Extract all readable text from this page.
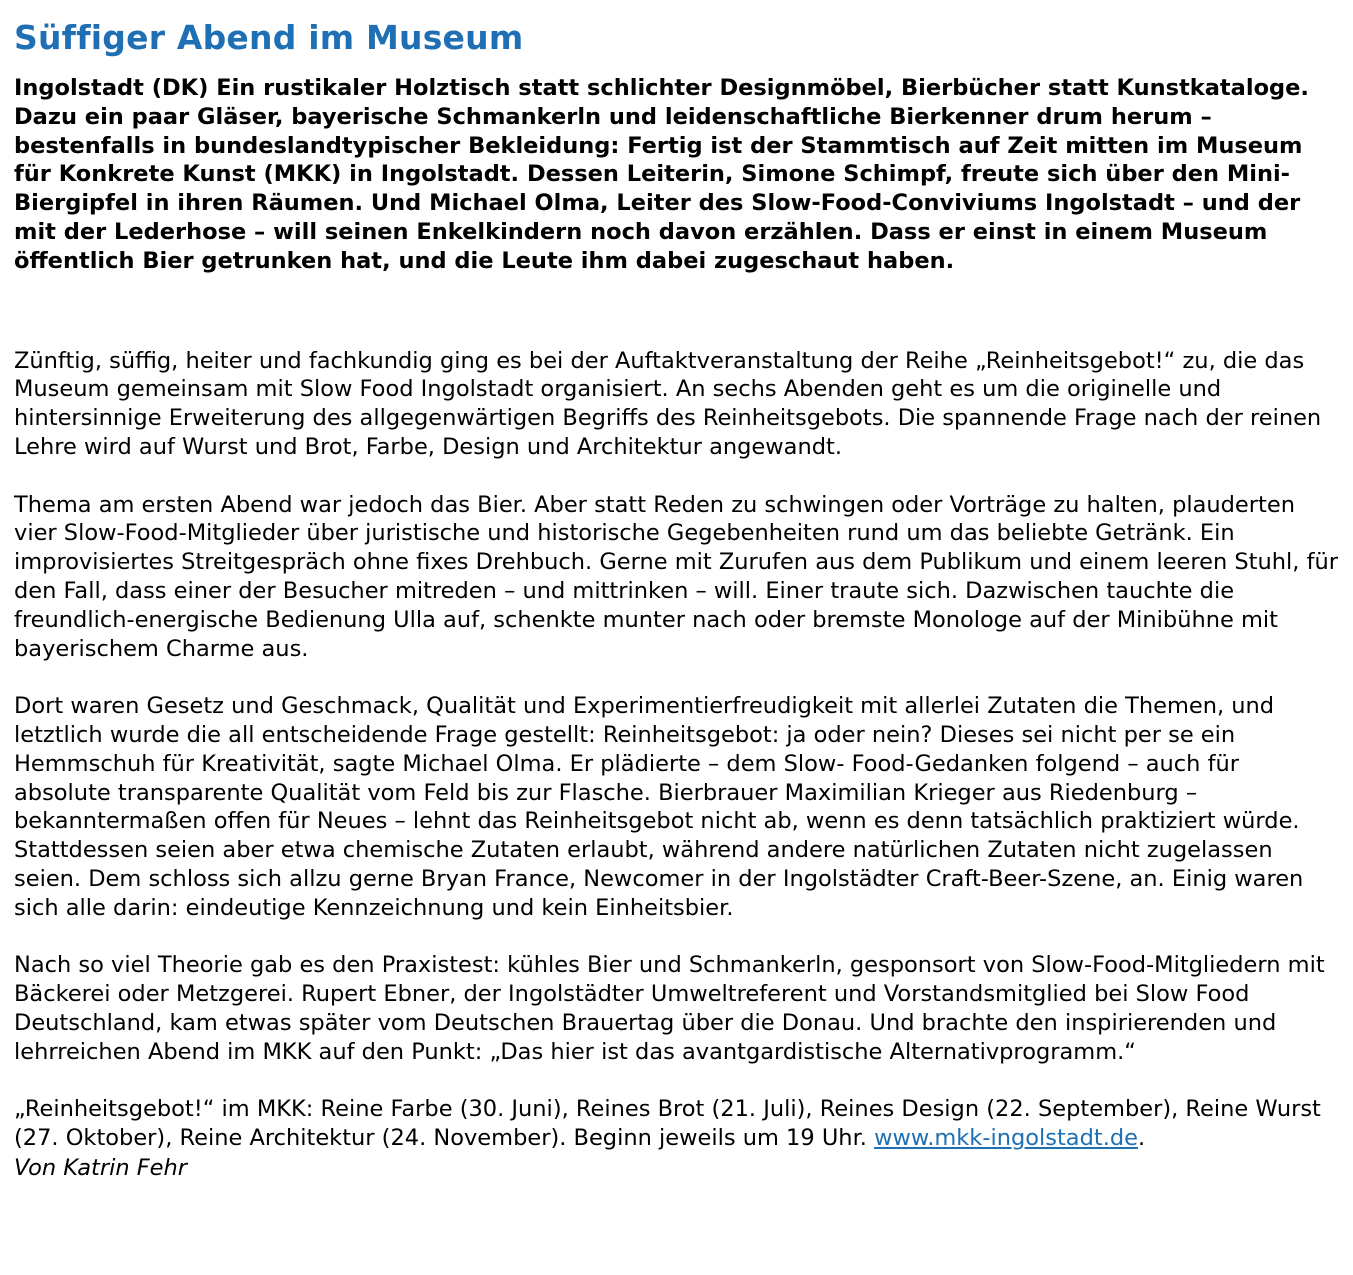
Süffiger Abend im Museum

Ingolstadt (DK) Ein rustikaler Holztisch statt schlichter Designmöbel, Bierbücher statt Kunstkataloge. Dazu ein paar Gläser, bayerische Schmankerln und leidenschaftliche Bierkenner drum herum – bestenfalls in bundeslandtypischer Bekleidung: Fertig ist der Stammtisch auf Zeit mitten im Museum für Konkrete Kunst (MKK) in Ingolstadt. Dessen Leiterin, Simone Schimpf, freute sich über den Mini-Biergipfel in ihren Räumen. Und Michael Olma, Leiter des Slow-Food-Conviviums Ingolstadt – und der mit der Lederhose – will seinen Enkelkindern noch davon erzählen. Dass er einst in einem Museum öffentlich Bier getrunken hat, und die Leute ihm dabei zugeschaut haben.

Zünftig, süffig, heiter und fachkundig ging es bei der Auftaktveranstaltung der Reihe „Reinheitsgebot!“ zu, die das Museum gemeinsam mit Slow Food Ingolstadt organisiert. An sechs Abenden geht es um die originelle und hintersinnige Erweiterung des allgegenwärtigen Begriffs des Reinheitsgebots. Die spannende Frage nach der reinen Lehre wird auf Wurst und Brot, Farbe, Design und Architektur angewandt.

Thema am ersten Abend war jedoch das Bier. Aber statt Reden zu schwingen oder Vorträge zu halten, plauderten vier Slow-Food-Mitglieder über juristische und historische Gegebenheiten rund um das beliebte Getränk. Ein improvisiertes Streitgespräch ohne fixes Drehbuch. Gerne mit Zurufen aus dem Publikum und einem leeren Stuhl, für den Fall, dass einer der Besucher mitreden – und mittrinken – will. Einer traute sich. Dazwischen tauchte die freundlich-energische Bedienung Ulla auf, schenkte munter nach oder bremste Monologe auf der Minibühne mit bayerischem Charme aus.

Dort waren Gesetz und Geschmack, Qualität und Experimentierfreudigkeit mit allerlei Zutaten die Themen, und letztlich wurde die all entscheidende Frage gestellt: Reinheitsgebot: ja oder nein? Dieses sei nicht per se ein Hemmschuh für Kreativität, sagte Michael Olma. Er plädierte – dem Slow- Food-Gedanken folgend – auch für absolute transparente Qualität vom Feld bis zur Flasche. Bierbrauer Maximilian Krieger aus Riedenburg – bekanntermaßen offen für Neues – lehnt das Reinheitsgebot nicht ab, wenn es denn tatsächlich praktiziert würde. Stattdessen seien aber etwa chemische Zutaten erlaubt, während andere natürlichen Zutaten nicht zugelassen seien. Dem schloss sich allzu gerne Bryan France, Newcomer in der Ingolstädter Craft-Beer-Szene, an. Einig waren sich alle darin: eindeutige Kennzeichnung und kein Einheitsbier.

Nach so viel Theorie gab es den Praxistest: kühles Bier und Schmankerln, gesponsort von Slow-Food-Mitgliedern mit Bäckerei oder Metzgerei. Rupert Ebner, der Ingolstädter Umweltreferent und Vorstandsmitglied bei Slow Food Deutschland, kam etwas später vom Deutschen Brauertag über die Donau. Und brachte den inspirierenden und lehrreichen Abend im MKK auf den Punkt: „Das hier ist das avantgardistische Alternativprogramm.“

„Reinheitsgebot!“ im MKK: Reine Farbe (30. Juni), Reines Brot (21. Juli), Reines Design (22. September), Reine Wurst (27. Oktober), Reine Architektur (24. November). Beginn jeweils um 19 Uhr. www.mkk-ingolstadt.de.

Von Katrin Fehr
